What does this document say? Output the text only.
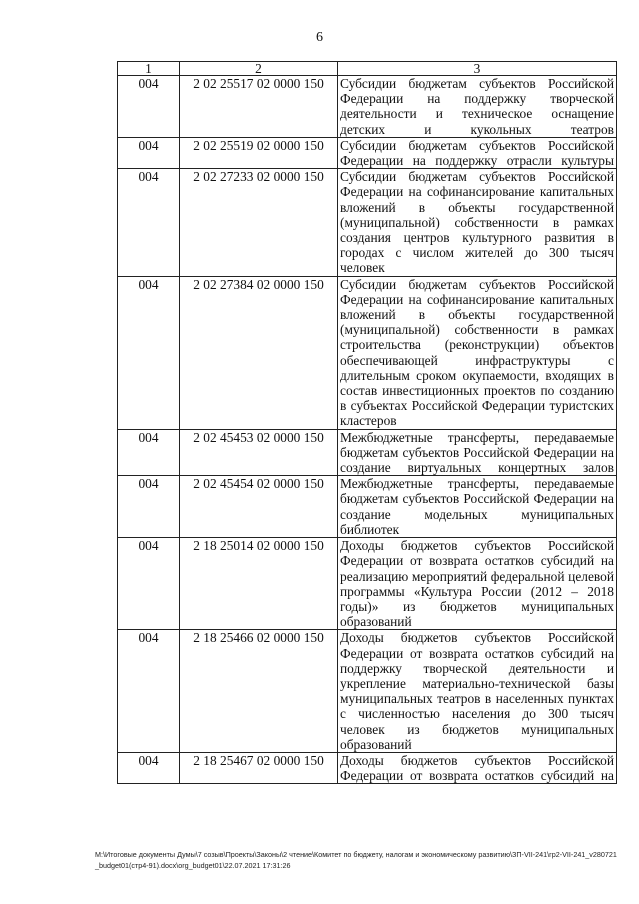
6
1	2	3
004	2 02 25517 02 0000 150	Субсидии бюджетам субъектов Российской Федерации на поддержку творческой деятельности и техническое оснащение детских и кукольных театров
004	2 02 25519 02 0000 150	Субсидии бюджетам субъектов Российской Федерации на поддержку отрасли культуры
004	2 02 27233 02 0000 150	Субсидии бюджетам субъектов Российской Федерации на софинансирование капитальных вложений в объекты государственной (муниципальной) собственности в рамках создания центров культурного развития в городах с числом жителей до 300 тысяч человек
004	2 02 27384 02 0000 150	Субсидии бюджетам субъектов Российской Федерации на софинансирование капитальных вложений в объекты государственной (муниципальной) собственности в рамках строительства (реконструкции) объектов обеспечивающей инфраструктуры с длительным сроком окупаемости, входящих в состав инвестиционных проектов по созданию в субъектах Российской Федерации туристских кластеров
004	2 02 45453 02 0000 150	Межбюджетные трансферты, передаваемые бюджетам субъектов Российской Федерации на создание виртуальных концертных залов
004	2 02 45454 02 0000 150	Межбюджетные трансферты, передаваемые бюджетам субъектов Российской Федерации на создание модельных муниципальных библиотек
004	2 18 25014 02 0000 150	Доходы бюджетов субъектов Российской Федерации от возврата остатков субсидий на реализацию мероприятий федеральной целевой программы «Культура России (2012 – 2018 годы)» из бюджетов муниципальных образований
004	2 18 25466 02 0000 150	Доходы бюджетов субъектов Российской Федерации от возврата остатков субсидий на поддержку творческой деятельности и укрепление материально-технической базы муниципальных театров в населенных пунктах с численностью населения до 300 тысяч человек из бюджетов муниципальных образований
004	2 18 25467 02 0000 150	Доходы бюджетов субъектов Российской Федерации от возврата остатков субсидий на
M:\Итоговые документы Думы\7 созыв\Проекты\Законы\2 чтение\Комитет по бюджету, налогам и экономическому развитию\ЗП-VII-241\гр2-VII-241_v280721_budget01(стр4-91).docx\org_budget01\22.07.2021 17:31:26
